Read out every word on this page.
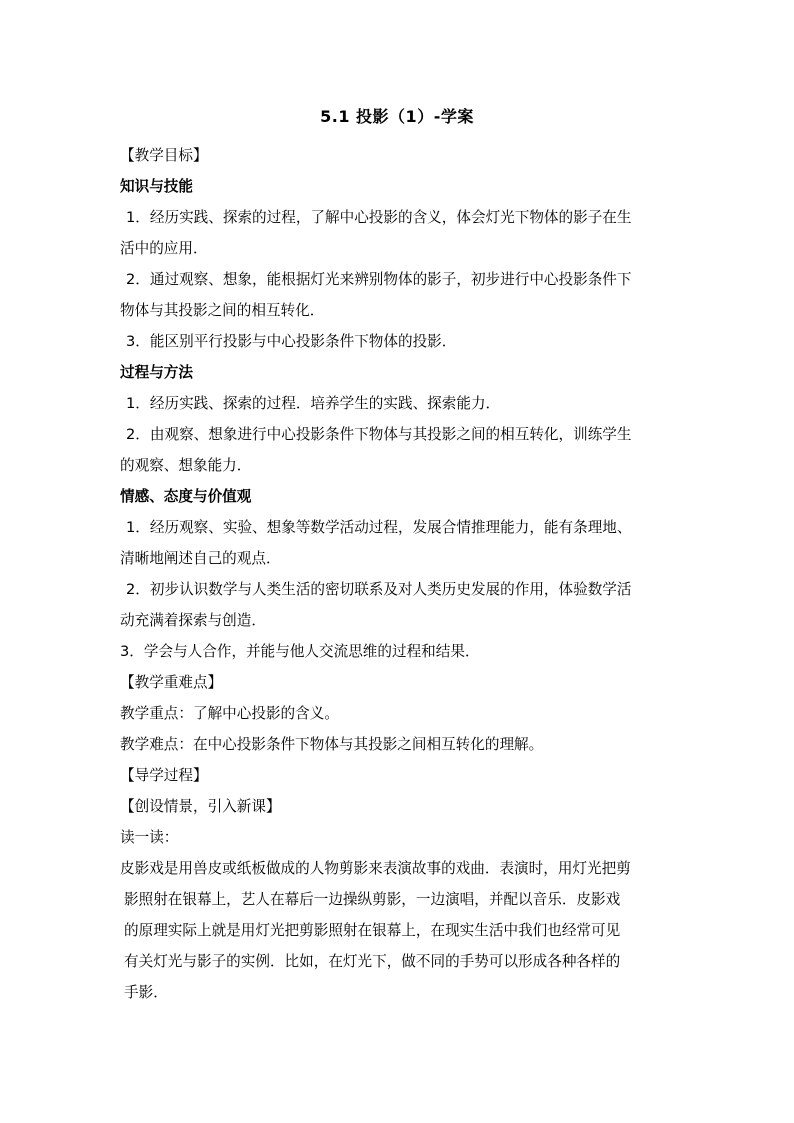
5.1 投影（1）-学案
【教学目标】
知识与技能
1．经历实践、探索的过程，了解中心投影的含义，体会灯光下物体的影子在生
活中的应用．
2．通过观察、想象，能根据灯光来辨别物体的影子，初步进行中心投影条件下
物体与其投影之间的相互转化．
3．能区别平行投影与中心投影条件下物体的投影．
过程与方法
1．经历实践、探索的过程．培养学生的实践、探索能力．
2．由观察、想象进行中心投影条件下物体与其投影之间的相互转化，训练学生
的观察、想象能力．
情感、态度与价值观
1．经历观察、实验、想象等数学活动过程，发展合情推理能力，能有条理地、
清晰地阐述自己的观点．
2．初步认识数学与人类生活的密切联系及对人类历史发展的作用，体验数学活
动充满着探索与创造．
3．学会与人合作，并能与他人交流思维的过程和结果．
【教学重难点】
教学重点：了解中心投影的含义。
教学难点：在中心投影条件下物体与其投影之间相互转化的理解。
【导学过程】
【创设情景，引入新课】
读一读：
皮影戏是用兽皮或纸板做成的人物剪影来表演故事的戏曲．表演时，用灯光把剪
影照射在银幕上，艺人在幕后一边操纵剪影，一边演唱，并配以音乐．皮影戏
的原理实际上就是用灯光把剪影照射在银幕上，在现实生活中我们也经常可见
有关灯光与影子的实例．比如，在灯光下，做不同的手势可以形成各种各样的
手影．
